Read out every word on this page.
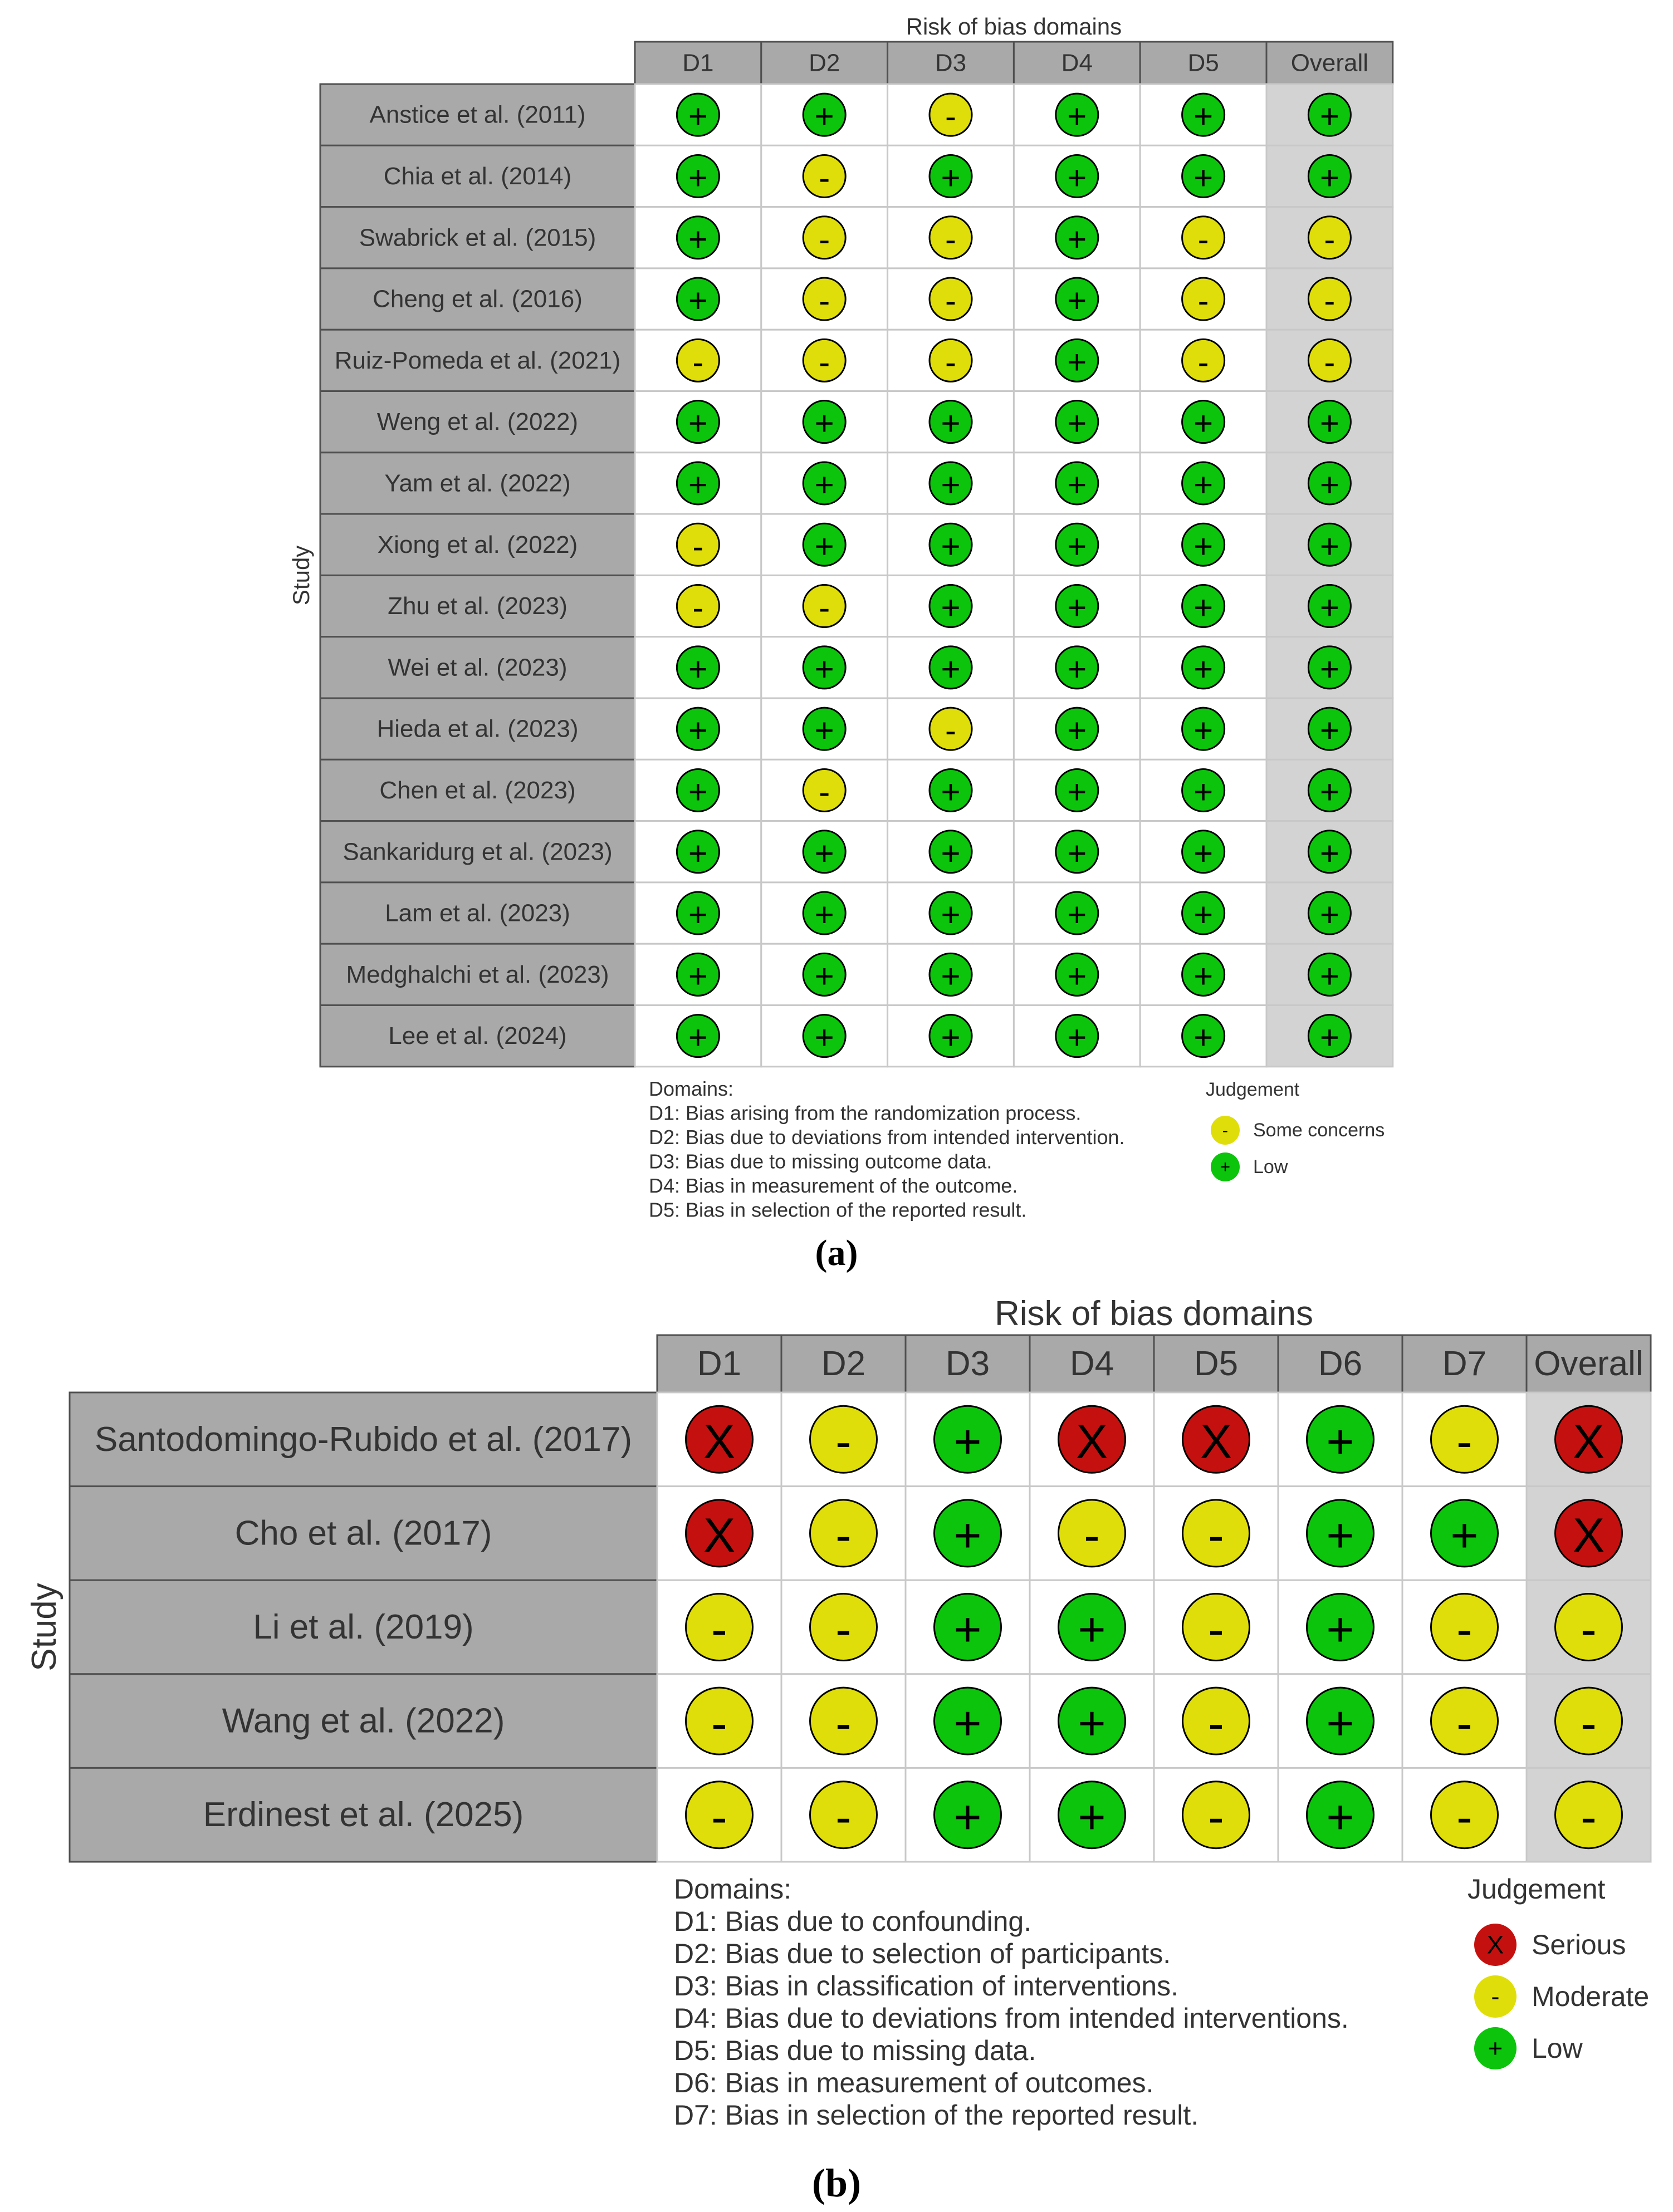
Risk of bias domains
D1	D2	D3	D4	D5	Overall
Anstice et al. (2011)	+	+	-	+	+	+
Chia et al. (2014)	+	-	+	+	+	+
Swabrick et al. (2015)	+	-	-	+	-	-
Cheng et al. (2016)	+	-	-	+	-	-
Ruiz-Pomeda et al. (2021) -	-	-	+	-	-
Weng et al. (2022)	+	+	+	+	+	+
Yam et al. (2022)	+	+	+	+	+	+
Xiong et al. (2022)	-	+	+	+	+	+
Zhu et al. (2023)	-	-	+	+	+	+
Wei et al. (2023)	+	+	+	+	+	+
Hieda et al. (2023)	+	+	-	+	+	+
Chen et al. (2023)	+	-	+	+	+	+
Sankaridurg et al. (2023) +	+	+	+	+	+
Lam et al. (2023)	+	+	+	+	+	+
Medghalchi et al. (2023) +	+	+	+	+	+
Lee et al. (2024)	+	+	+	+	+	+
Study
Domains:
D1: Bias arising from the randomization process.
D2: Bias due to deviations from intended intervention.
D3: Bias due to missing outcome data.
D4: Bias in measurement of the outcome.
D5: Bias in selection of the reported result.
Judgement
- Some concerns
+ Low
(a)
Risk of bias domains
D1 D2 D3 D4 D5 D6 D7 Overall
Santodomingo-Rubido et al. (2017) X - + X X + - X
Cho et al. (2017)	X - + - - + + X
Li et al. (2019)	- - + + - + - -
Wang et al. (2022)	- - + + - + - -
Erdinest et al. (2025)	- - + + - + - -
Study
Domains:
D1: Bias due to confounding.
D2: Bias due to selection of participants.
D3: Bias in classification of interventions.
D4: Bias due to deviations from intended interventions.
D5: Bias due to missing data.
D6: Bias in measurement of outcomes.
D7: Bias in selection of the reported result.
Judgement
X Serious
- Moderate
+ Low
(b)
